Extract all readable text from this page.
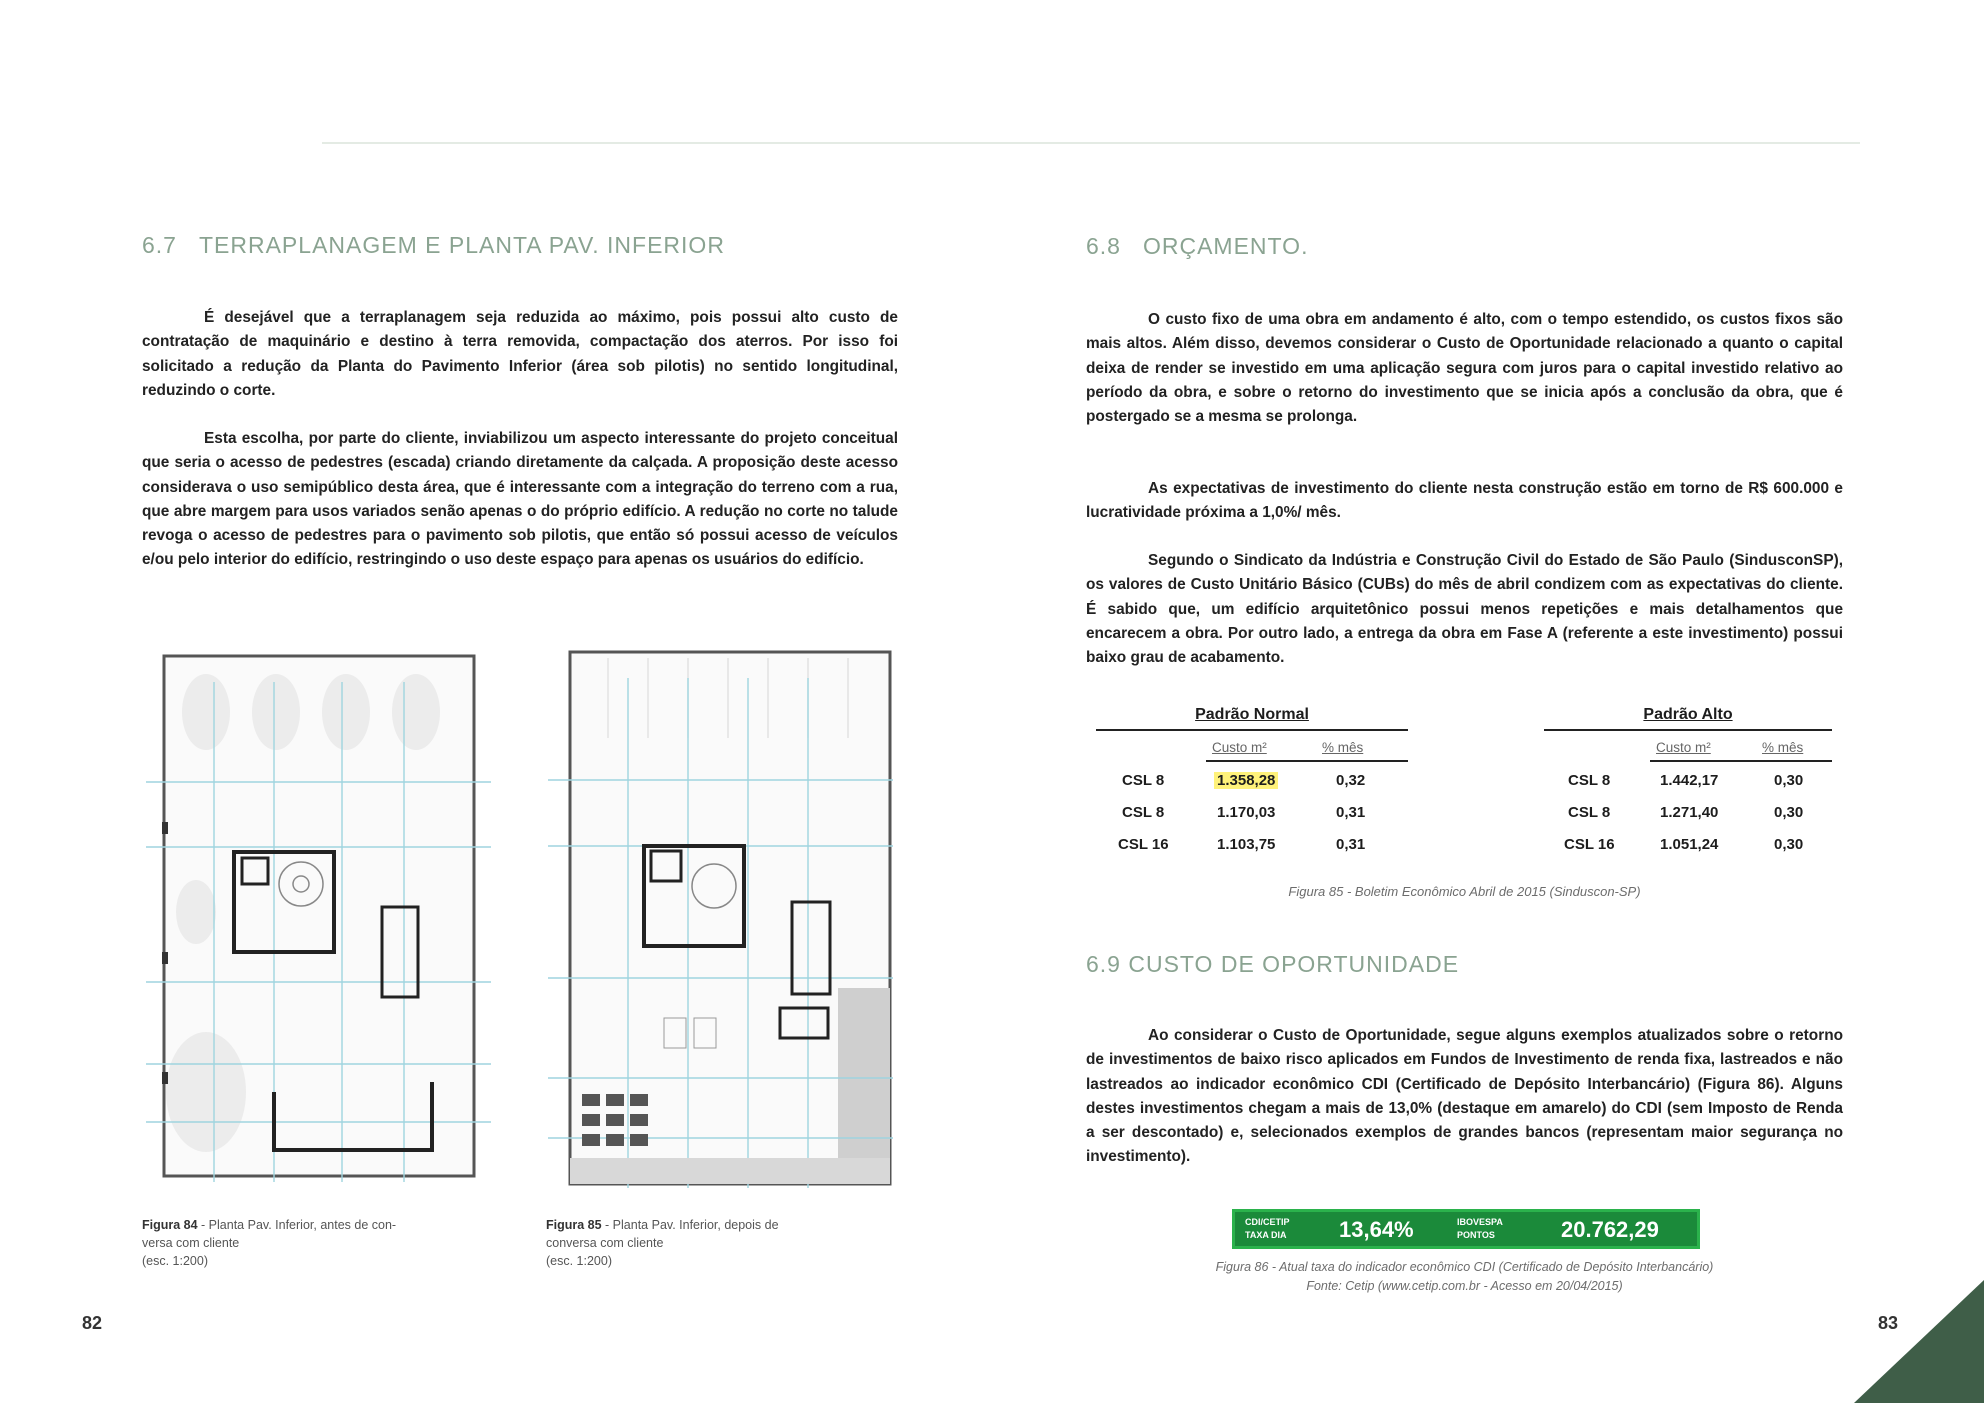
6.7 TERRAPLANAGEM E PLANTA PAV. INFERIOR

É desejável que a terraplanagem seja reduzida ao máximo, pois possui alto custo de contratação de maquinário e destino à terra removida, compactação dos aterros. Por isso foi solicitado a redução da Planta do Pavimento Inferior (área sob pilotis) no sentido longitudinal, reduzindo o corte.

Esta escolha, por parte do cliente, inviabilizou um aspecto interessante do projeto conceitual que seria o acesso de pedestres (escada) criando diretamente da calçada. A proposição deste acesso considerava o uso semipúblico desta área, que é interessante com a integração do terreno com a rua, que abre margem para usos variados senão apenas o do próprio edifício. A redução no corte no talude revoga o acesso de pedestres para o pavimento sob pilotis, que então só possui acesso de veículos e/ou pelo interior do edifício, restringindo o uso deste espaço para apenas os usuários do edifício.

Figura 84 - Planta Pav. Inferior, antes de con-
versa com cliente
(esc. 1:200)

Figura 85 - Planta Pav. Inferior, depois de
conversa com cliente
(esc. 1:200)

82
6.8 ORÇAMENTO.

O custo fixo de uma obra em andamento é alto, com o tempo estendido, os custos fixos são mais altos. Além disso, devemos considerar o Custo de Oportunidade relacionado a quanto o capital deixa de render se investido em uma aplicação segura com juros para o capital investido relativo ao período da obra, e sobre o retorno do investimento que se inicia após a conclusão da obra, que é postergado se a mesma se prolonga.

As expectativas de investimento do cliente nesta construção estão em torno de R$ 600.000 e lucratividade próxima a 1,0%/ mês.

Segundo o Sindicato da Indústria e Construção Civil do Estado de São Paulo (SindusconSP), os valores de Custo Unitário Básico (CUBs) do mês de abril condizem com as expectativas do cliente. É sabido que, um edifício arquitetônico possui menos repetições e mais detalhamentos que encarecem a obra. Por outro lado, a entrega da obra em Fase A (referente a este investimento) possui baixo grau de acabamento.

Padrão Normal
Custo m²	% mês
CSL 8	1.358,28	0,32
CSL 8	1.170,03	0,31
CSL 16	1.103,75	0,31
Padrão Alto
Custo m²	% mês
CSL 8	1.442,17	0,30
CSL 8	1.271,40	0,30
CSL 16	1.051,24	0,30
Figura 85 - Boletim Econômico Abril de 2015 (Sinduscon-SP)
6.9 CUSTO DE OPORTUNIDADE

Ao considerar o Custo de Oportunidade, segue alguns exemplos atualizados sobre o retorno de investimentos de baixo risco aplicados em Fundos de Investimento de renda fixa, lastreados e não lastreados ao indicador econômico CDI (Certificado de Depósito Interbancário) (Figura 86). Alguns destes investimentos chegam a mais de 13,0% (destaque em amarelo) do CDI (sem Imposto de Renda a ser descontado) e, selecionados exemplos de grandes bancos (representam maior segurança no investimento).

CDI/CETIP
TAXA DIA 13,64%	IBOVESPA
PONTOS	20.762,29
Figura 86 - Atual taxa do indicador econômico CDI (Certificado de Depósito Interbancário)
Fonte: Cetip (www.cetip.com.br - Acesso em 20/04/2015)
83
